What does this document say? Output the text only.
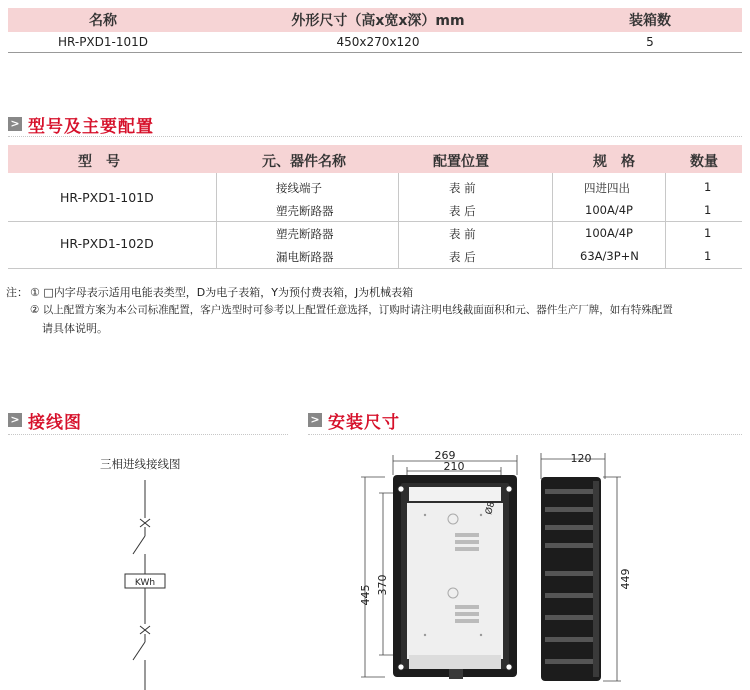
名称	外形尺寸（高x宽x深）mm	装箱数
HR-PXD1-101D	450x270x120	5
> 型号及主要配置
型　号	元、器件名称	配置位置	规　格	数量
HR-PXD1-101D
接线端子	表 前	四进四出	1
塑壳断路器	表 后	100A/4P	1
HR-PXD1-102D
塑壳断路器	表 前	100A/4P	1
漏电断路器	表 后	63A/3P+N	1
注： ① □内字母表示适用电能表类型，D为电子表箱，Y为预付费表箱，J为机械表箱
② 以上配置方案为本公司标准配置，客户选型时可参考以上配置任意选择，订购时请注明电线截面面积和元、器件生产厂牌，如有特殊配置
请具体说明。
> 接线图
三相进线接线图
KWh
> 安装尺寸
269
210
445 370
Ø8
120
449
